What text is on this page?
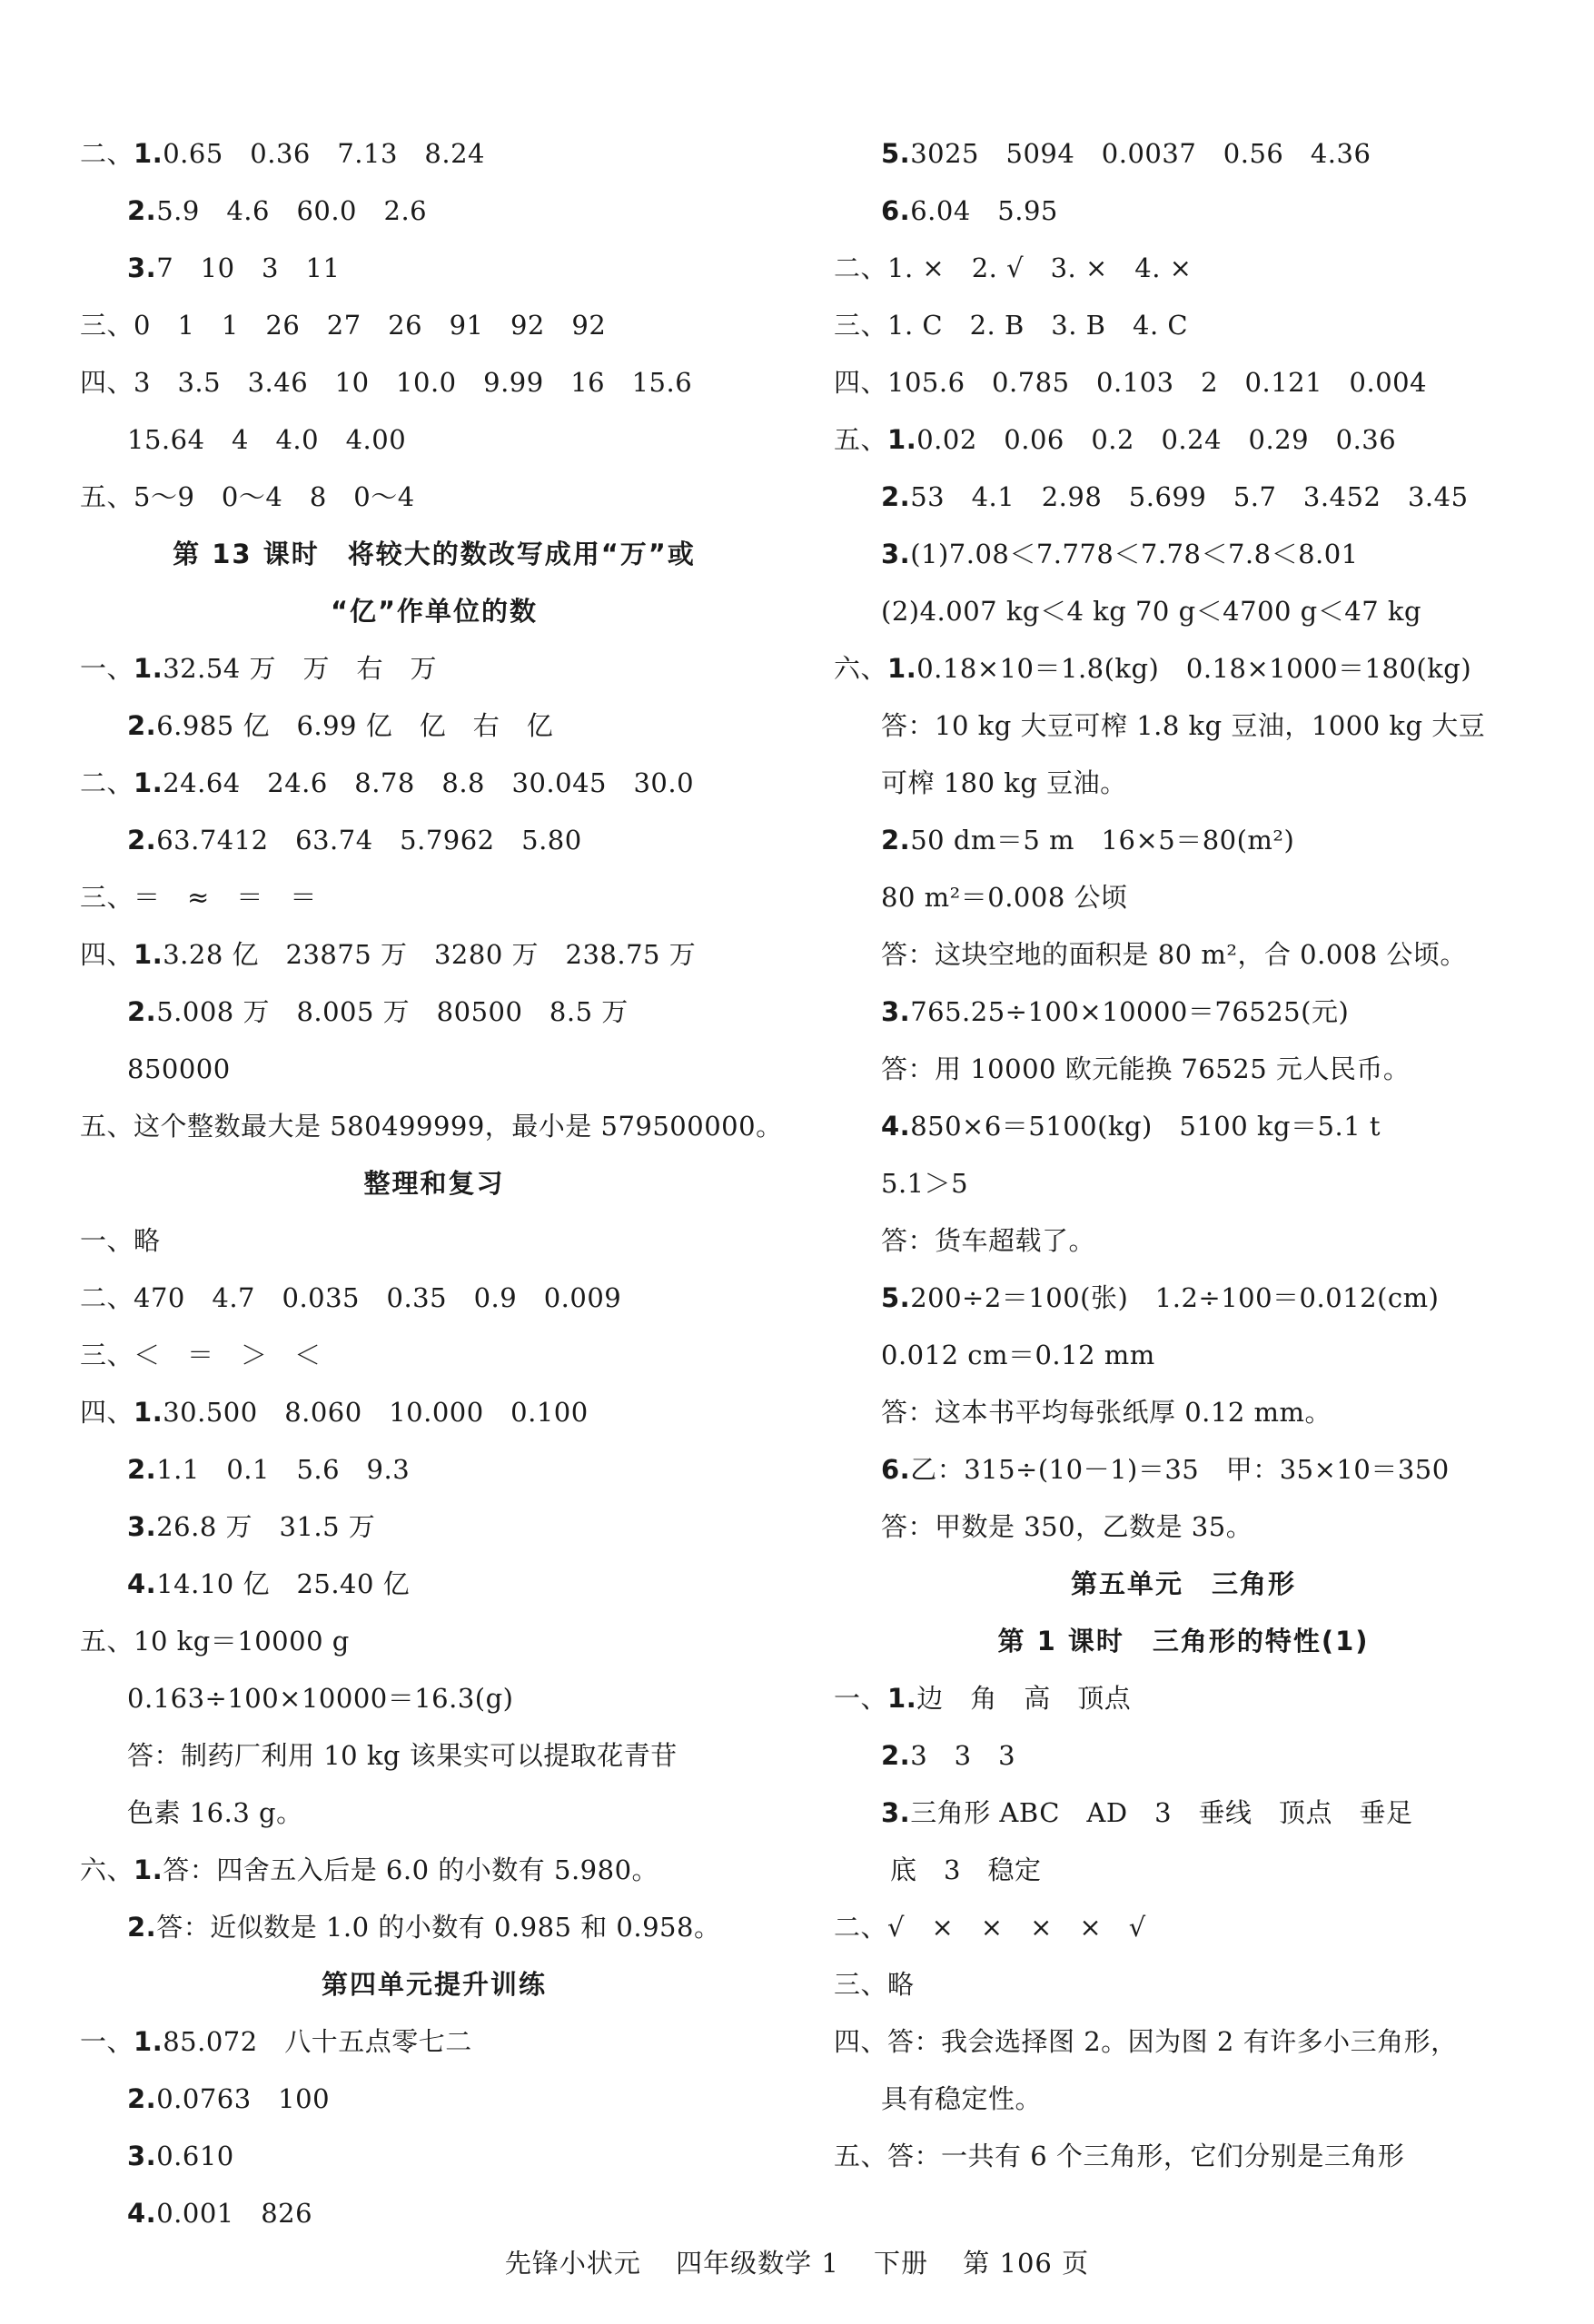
二、1.0.65　0.36　7.13　8.24
2.5.9　4.6　60.0　2.6
3.7　10　3　11
三、0　1　1　26　27　26　91　92　92
四、3　3.5　3.46　10　10.0　9.99　16　15.6
15.64　4　4.0　4.00
五、5～9　0～4　8　0～4
第 13 课时　将较大的数改写成用“万”或
“亿”作单位的数
一、1.32.54 万　万　右　万
2.6.985 亿　6.99 亿　亿　右　亿
二、1.24.64　24.6　8.78　8.8　30.045　30.0
2.63.7412　63.74　5.7962　5.80
三、＝　≈　＝　＝
四、1.3.28 亿　23875 万　3280 万　238.75 万
2.5.008 万　8.005 万　80500　8.5 万
850000
五、这个整数最大是 580499999，最小是 579500000。
整理和复习
一、略
二、470　4.7　0.035　0.35　0.9　0.009
三、＜　＝　＞　＜
四、1.30.500　8.060　10.000　0.100
2.1.1　0.1　5.6　9.3
3.26.8 万　31.5 万
4.14.10 亿　25.40 亿
五、10 kg＝10000 g
0.163÷100×10000＝16.3(g)
答：制药厂利用 10 kg 该果实可以提取花青苷
色素 16.3 g。
六、1.答：四舍五入后是 6.0 的小数有 5.980。
2.答：近似数是 1.0 的小数有 0.985 和 0.958。
第四单元提升训练
一、1.85.072　八十五点零七二
2.0.0763　100
3.0.610
4.0.001　826
5.3025　5094　0.0037　0.56　4.36
6.6.04　5.95
二、1. ×　2. √　3. ×　4. ×
三、1. C　2. B　3. B　4. C
四、105.6　0.785　0.103　2　0.121　0.004
五、1.0.02　0.06　0.2　0.24　0.29　0.36
2.53　4.1　2.98　5.699　5.7　3.452　3.45
3.(1)7.08＜7.778＜7.78＜7.8＜8.01
(2)4.007 kg＜4 kg 70 g＜4700 g＜47 kg
六、1.0.18×10＝1.8(kg)　0.18×1000＝180(kg)
答：10 kg 大豆可榨 1.8 kg 豆油，1000 kg 大豆
可榨 180 kg 豆油。
2.50 dm＝5 m　16×5＝80(m²)
80 m²＝0.008 公顷
答：这块空地的面积是 80 m²，合 0.008 公顷。
3.765.25÷100×10000＝76525(元)
答：用 10000 欧元能换 76525 元人民币。
4.850×6＝5100(kg)　5100 kg＝5.1 t
5.1＞5
答：货车超载了。
5.200÷2＝100(张)　1.2÷100＝0.012(cm)
0.012 cm＝0.12 mm
答：这本书平均每张纸厚 0.12 mm。
6.乙：315÷(10－1)＝35　甲：35×10＝350
答：甲数是 350，乙数是 35。
第五单元　三角形
第 1 课时　三角形的特性(1)
一、1.边　角　高　顶点
2.3　3　3
3.三角形 ABC　AD　3　垂线　顶点　垂足
底　3　稳定
二、√　×　×　×　×　√
三、略
四、答：我会选择图 2。因为图 2 有许多小三角形，
具有稳定性。
五、答：一共有 6 个三角形，它们分别是三角形
先锋小状元 四年级数学 1 下册 第 106 页
